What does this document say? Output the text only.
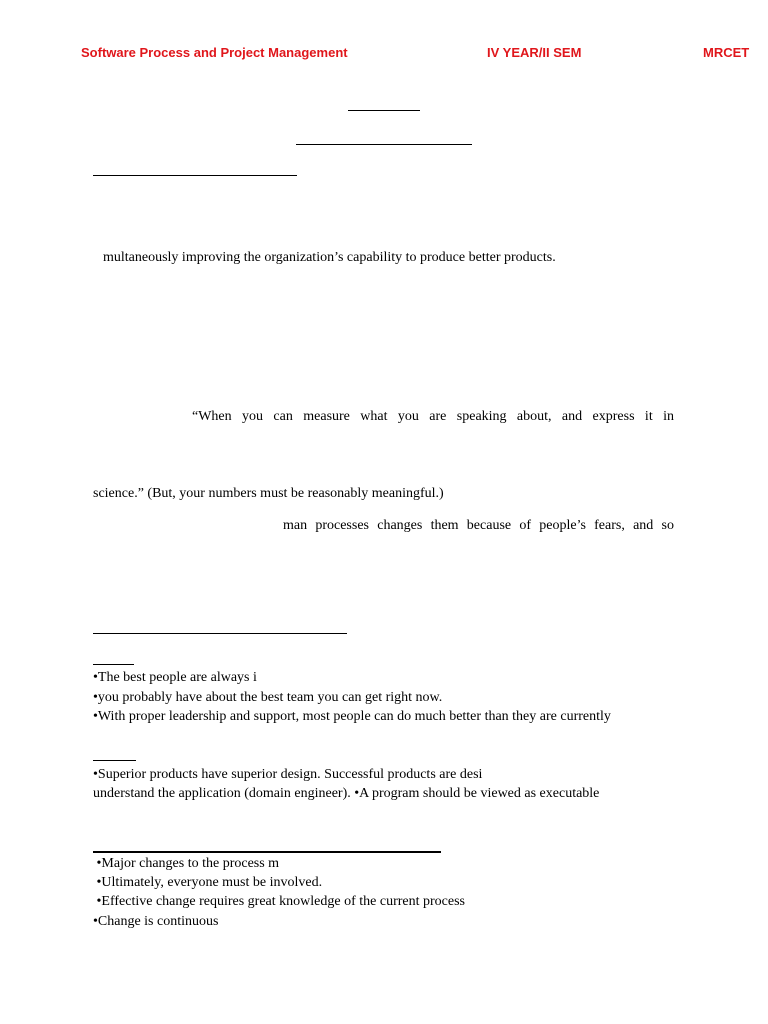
Software Process and Project Management	IV YEAR/II SEM	MRCET
multaneously improving the organization’s capability to produce better products.
“When you can measure what you are speaking about, and express it in
science.” (But, your numbers must be reasonably meaningful.)
man processes changes them because of people’s fears, and so
•The best people are always i
•you probably have about the best team you can get right now.
•With proper leadership and support, most people can do much better than they are currently
•Superior products have superior design. Successful products are desi
understand the application (domain engineer). •A program should be viewed as executable
•Major changes to the process m
•Ultimately, everyone must be involved.
•Effective change requires great knowledge of the current process
•Change is continuous
